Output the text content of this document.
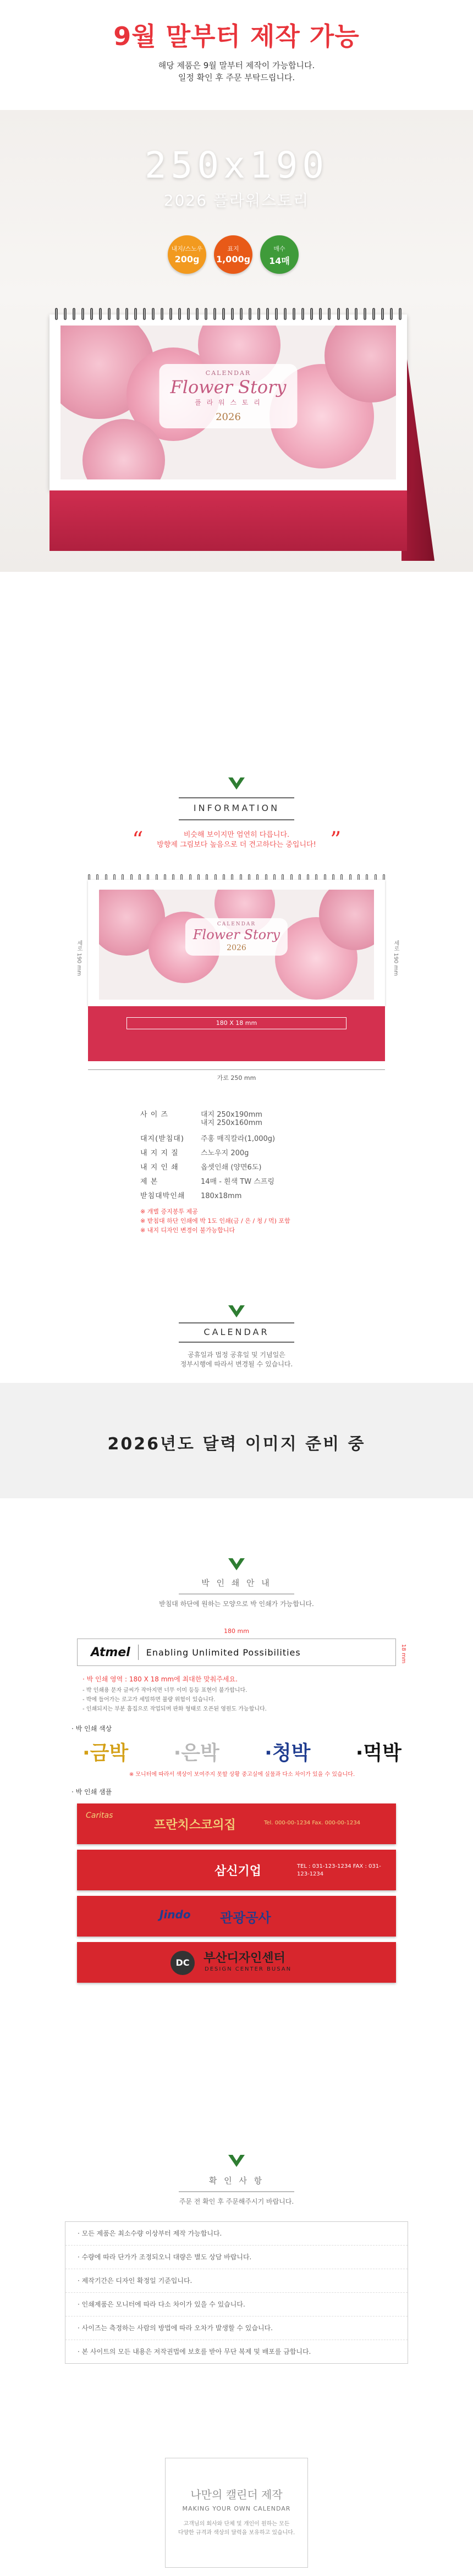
9월 말부터 제작 가능
해당 제품은 9월 말부터 제작이 가능합니다.
일정 확인 후 주문 부탁드립니다.
250x190
2026 플라워스토리
내지/스노우
200g
표지
1,000g
매수
14매
CALENDAR
Flower Story
플 라 워 스 토 리
2026
INFORMATION
“	비슷해 보이지만 엄연히 다릅니다.
방향제 그림보다 높음으로 더 견고하다는 중입니다! ”
CALENDAR
Flower Story
2026
180 X 18 mm
세로 190 mm	세로 190 mm
가로 250 mm
사 이 즈	대지 250x190mm
내지 250x160mm
대지(받침대)	주홍 매직칼라(1,000g)
내 지 지 질	스노우지 200g
내 지 인 쇄	옵셋인쇄 (양면6도)
제 본	14매 - 흰색 TW 스프링
받침대박인쇄	180x18mm
※ 개별 증지봉투 제공
※ 받침대 하단 인쇄에 박 1도 인쇄(금 / 은 / 청 / 먹) 포함
※ 내지 디자인 변경이 불가능합니다
CALENDAR
공휴일과 법정 공휴일 및 기념일은
정부시행에 따라서 변경될 수 있습니다.
2026년도 달력 이미지 준비 중
박 인 쇄 안 내
받침대 하단에 원하는 모양으로 박 인쇄가 가능합니다.
180 mm
Atmel Enabling Unlimited Possibilities	18 mm
· 박 인쇄 영역 : 180 X 18 mm에 최대한 맞춰주세요.
- 박 인쇄용 문자 글씨가 작아지면 너무 이미 등등 표현이 불가합니다.
- 박에 들어가는 로고가 세밀하면 불량 위험이 있습니다.
- 인쇄되지는 부분 흠집으로 작업되며 판화 형태로 오픈된 영원도 가능합니다.
· 박 인쇄 색상
·금박 ·은박 ·청박 ·먹박
※ 모니터에 따라서 색상이 보여주지 못할 상황 중고실에 실물과 다소 차이가 있을 수 있습니다.
· 박 인쇄 샘플
Caritas
프란치스코의집	Tel. 000-00-1234 Fax. 000-00-1234
삼신기업	TEL : 031-123-1234 FAX : 031-123-1234
Jindo 관광공사
DC	부산디자인센터
DESIGN CENTER BUSAN
확 인 사 항
주문 전 확인 후 주문해주시기 바랍니다.
· 모든 제품은 최소수량 이상부터 제작 가능합니다.
· 수량에 따라 단가가 조정되오니 대량은 별도 상담 바랍니다.
· 제작기간은 디자인 확정일 기준입니다.
· 인쇄제품은 모니터에 따라 다소 차이가 있을 수 있습니다.
· 사이즈는 측정하는 사람의 방법에 따라 오차가 발생할 수 있습니다.
· 본 사이트의 모든 내용은 저작권법에 보호를 받아 무단 복제 및 배포를 금합니다.
나만의 캘린더 제작
MAKING YOUR OWN CALENDAR
고객님의 회사와 단체 및 개인이 원하는 모든
다양한 규격과 색상의 달력을 보유하고 있습니다.
